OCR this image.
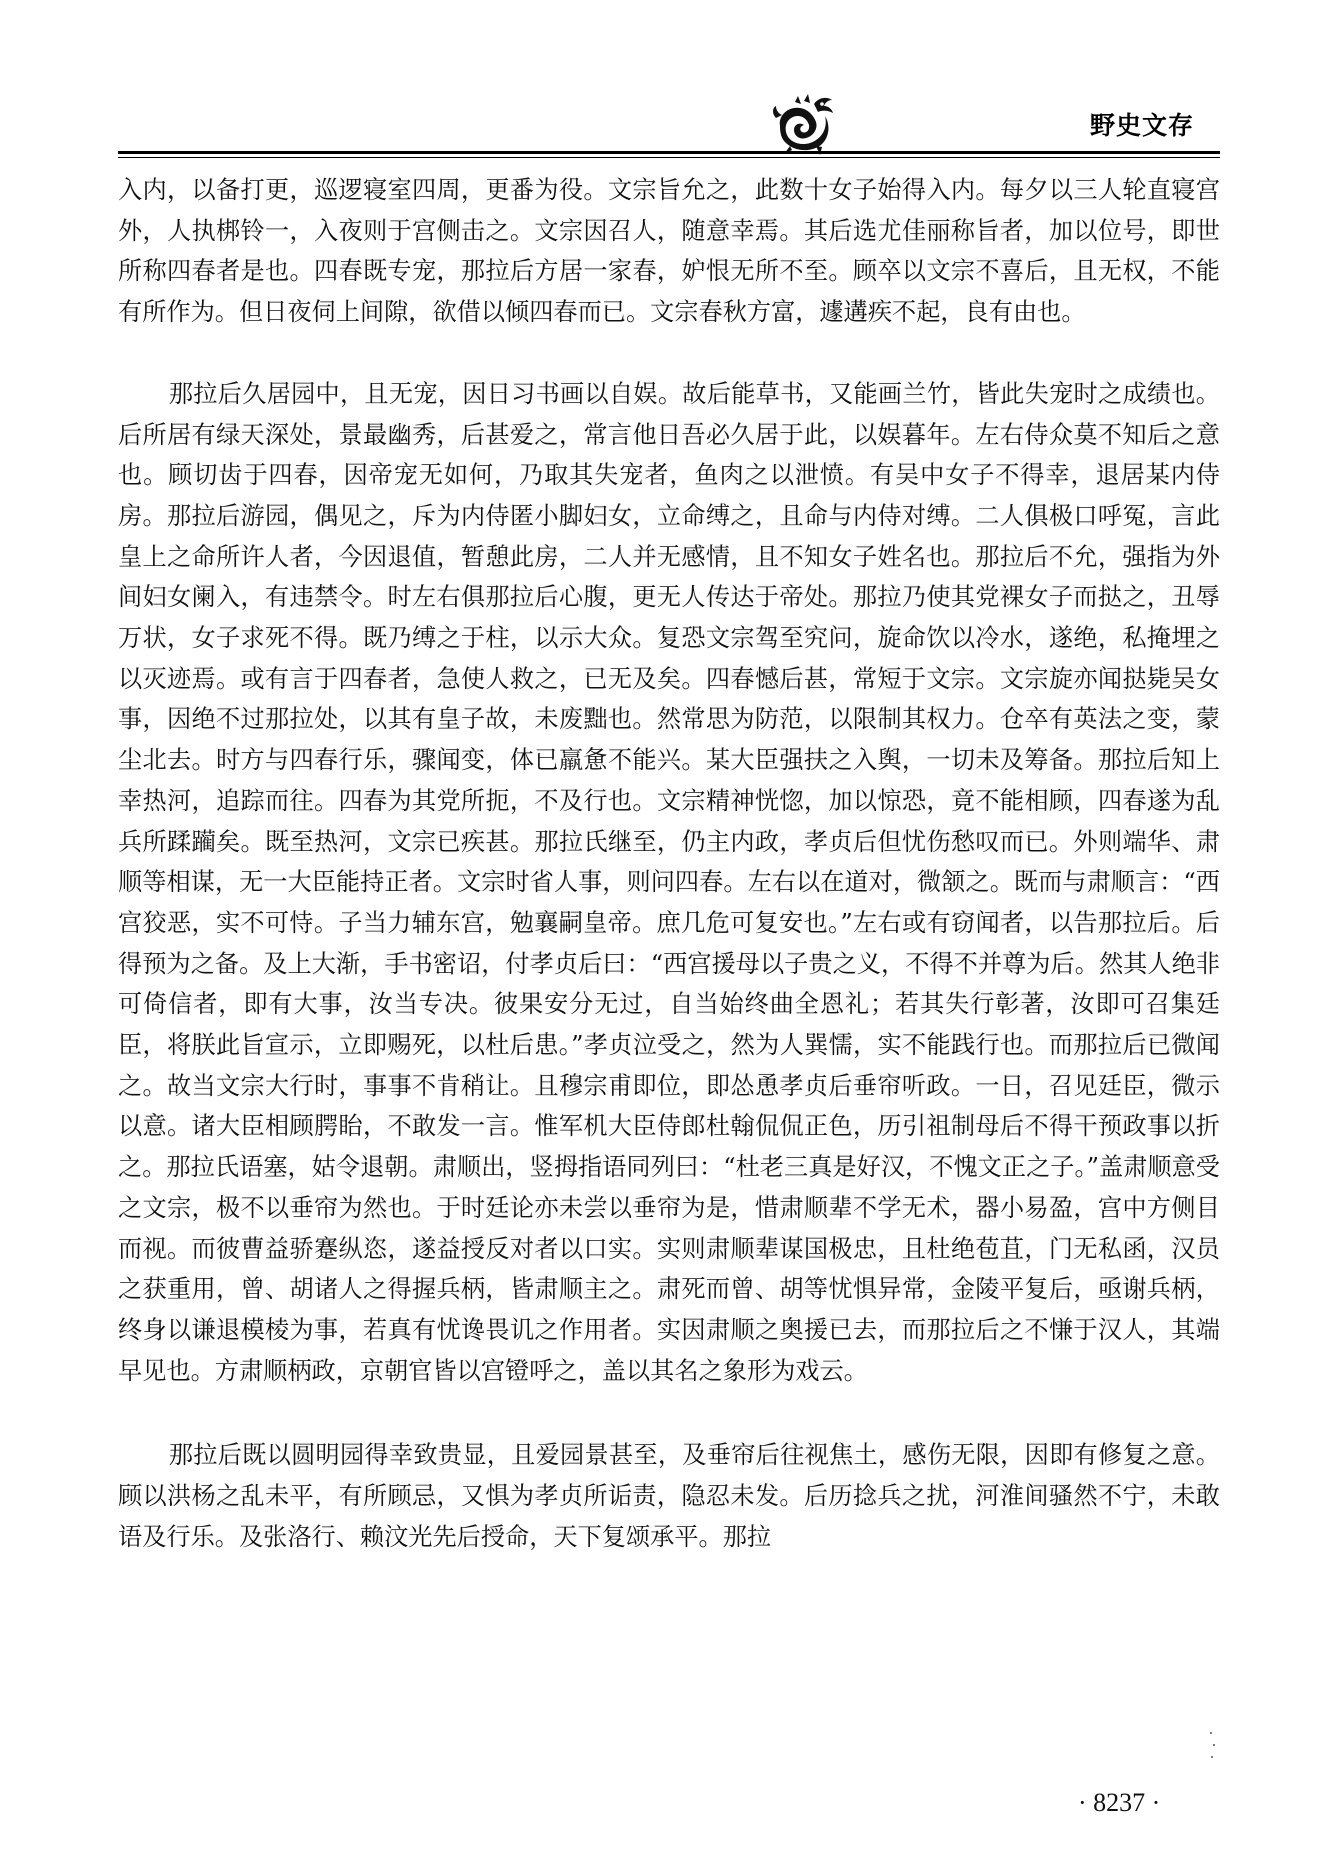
野史文存

入内，以备打更，巡逻寝室四周，更番为役。文宗旨允之，此数十女子始得入内。每夕以三人轮直寝宫外，人执梆铃一，入夜则于宫侧击之。文宗因召人，随意幸焉。其后选尤佳丽称旨者，加以位号，即世所称四春者是也。四春既专宠，那拉后方居一家春，妒恨无所不至。顾卒以文宗不喜后，且无权，不能有所作为。但日夜伺上间隙，欲借以倾四春而已。文宗春秋方富，遽遘疾不起，良有由也。

那拉后久居园中，且无宠，因日习书画以自娱。故后能草书，又能画兰竹，皆此失宠时之成绩也。后所居有绿天深处，景最幽秀，后甚爱之，常言他日吾必久居于此，以娱暮年。左右侍众莫不知后之意也。顾切齿于四春，因帝宠无如何，乃取其失宠者，鱼肉之以泄愤。有吴中女子不得幸，退居某内侍房。那拉后游园，偶见之，斥为内侍匿小脚妇女，立命缚之，且命与内侍对缚。二人俱极口呼冤，言此皇上之命所许人者，今因退值，暂憩此房，二人并无感情，且不知女子姓名也。那拉后不允，强指为外间妇女阑入，有违禁令。时左右俱那拉后心腹，更无人传达于帝处。那拉乃使其党裸女子而挞之，丑辱万状，女子求死不得。既乃缚之于柱，以示大众。复恐文宗驾至究问，旋命饮以冷水，遂绝，私掩埋之以灭迹焉。或有言于四春者，急使人救之，已无及矣。四春憾后甚，常短于文宗。文宗旋亦闻挞毙吴女事，因绝不过那拉处，以其有皇子故，未废黜也。然常思为防范，以限制其权力。仓卒有英法之变，蒙尘北去。时方与四春行乐，骤闻变，体已羸惫不能兴。某大臣强扶之入舆，一切未及筹备。那拉后知上幸热河，追踪而往。四春为其党所扼，不及行也。文宗精神恍惚，加以惊恐，竟不能相顾，四春遂为乱兵所蹂躏矣。既至热河，文宗已疾甚。那拉氏继至，仍主内政，孝贞后但忧伤愁叹而已。外则端华、肃顺等相谋，无一大臣能持正者。文宗时省人事，则问四春。左右以在道对，微颔之。既而与肃顺言：“西宫狡恶，实不可恃。子当力辅东宫，勉襄嗣皇帝。庶几危可复安也。”左右或有窃闻者，以告那拉后。后得预为之备。及上大渐，手书密诏，付孝贞后曰：“西宫援母以子贵之义，不得不并尊为后。然其人绝非可倚信者，即有大事，汝当专决。彼果安分无过，自当始终曲全恩礼；若其失行彰著，汝即可召集廷臣，将朕此旨宣示，立即赐死，以杜后患。”孝贞泣受之，然为人巽懦，实不能践行也。而那拉后已微闻之。故当文宗大行时，事事不肯稍让。且穆宗甫即位，即怂恿孝贞后垂帘听政。一日，召见廷臣，微示以意。诸大臣相顾腭眙，不敢发一言。惟军机大臣侍郎杜翰侃侃正色，历引祖制母后不得干预政事以折之。那拉氏语塞，姑令退朝。肃顺出，竖拇指语同列曰：“杜老三真是好汉，不愧文正之子。”盖肃顺意受之文宗，极不以垂帘为然也。于时廷论亦未尝以垂帘为是，惜肃顺辈不学无术，器小易盈，宫中方侧目而视。而彼曹益骄蹇纵恣，遂益授反对者以口实。实则肃顺辈谋国极忠，且杜绝苞苴，门无私函，汉员之获重用，曾、胡诸人之得握兵柄，皆肃顺主之。肃死而曾、胡等忧惧异常，金陵平复后，亟谢兵柄，终身以谦退模棱为事，若真有忧谗畏讥之作用者。实因肃顺之奥援已去，而那拉后之不慊于汉人，其端早见也。方肃顺柄政，京朝官皆以宫镫呼之，盖以其名之象形为戏云。

那拉后既以圆明园得幸致贵显，且爱园景甚至，及垂帘后往视焦土，感伤无限，因即有修复之意。顾以洪杨之乱未平，有所顾忌，又惧为孝贞所诟责，隐忍未发。后历捻兵之扰，河淮间骚然不宁，未敢语及行乐。及张洛行、赖汶光先后授命，天下复颂承平。那拉

· 8237 ·
